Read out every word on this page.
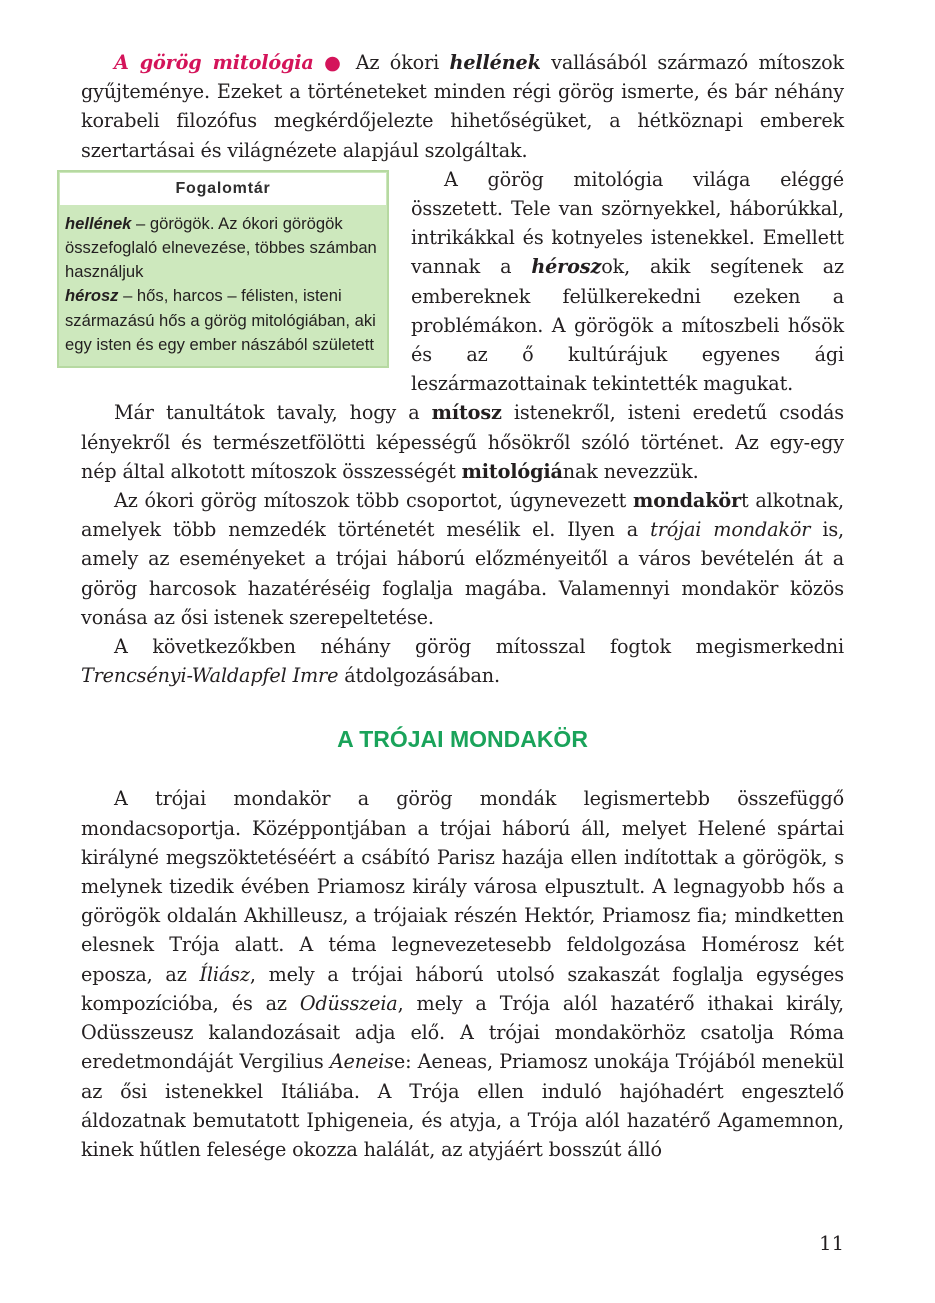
A görög mitológia ● Az ókori hellének vallásából származó mítoszok gyűjteménye. Ezeket a történeteket minden régi görög ismerte, és bár néhány korabeli filozófus megkérdőjelezte hihetőségüket, a hétköznapi emberek szertartásai és világnézete alapjául szolgáltak.

Fogalomtár
hellének – görögök. Az ókori görögök összefoglaló elnevezése, többes számban használjuk
hérosz – hős, harcos – félisten, isteni származású hős a görög mitológiában, aki egy isten és egy ember nászából született

A görög mitológia világa eléggé összetett. Tele van szörnyekkel, háborúkkal, intrikákkal és kotnyeles istenekkel. Emellett vannak a héroszok, akik segítenek az embereknek felülkerekedni ezeken a problémákon. A görögök a mítoszbeli hősök és az ő kultúrájuk egyenes ági leszármazottainak tekintették magukat.

Már tanultátok tavaly, hogy a mítosz istenekről, isteni eredetű csodás lényekről és természetfölötti képességű hősökről szóló történet. Az egy-egy nép által alkotott mítoszok összességét mitológiának nevezzük.

Az ókori görög mítoszok több csoportot, úgynevezett mondakört alkotnak, amelyek több nemzedék történetét mesélik el. Ilyen a trójai mondakör is, amely az eseményeket a trójai háború előzményeitől a város bevételén át a görög harcosok hazatéréséig foglalja magába. Valamennyi mondakör közös vonása az ősi istenek szerepeltetése.

A következőkben néhány görög mítosszal fogtok megismerkedni Trencsényi-Waldapfel Imre átdolgozásában.

A TRÓJAI MONDAKÖR

A trójai mondakör a görög mondák legismertebb összefüggő mondacsoportja. Középpontjában a trójai háború áll, melyet Helené spártai királyné megszöktetéséért a csábító Parisz hazája ellen indítottak a görögök, s melynek tizedik évében Priamosz király városa elpusztult. A legnagyobb hős a görögök oldalán Akhilleusz, a trójaiak részén Hektór, Priamosz fia; mindketten elesnek Trója alatt. A téma legnevezetesebb feldolgozása Homérosz két eposza, az Íliász, mely a trójai háború utolsó szakaszát foglalja egységes kompozícióba, és az Odüsszeia, mely a Trója alól hazatérő ithakai király, Odüsszeusz kalandozásait adja elő. A trójai mondakörhöz csatolja Róma eredetmondáját Vergilius Aeneise: Aeneas, Priamosz unokája Trójából menekül az ősi istenekkel Itáliába. A Trója ellen induló hajóhadért engesztelő áldozatnak bemutatott Iphigeneia, és atyja, a Trója alól hazatérő Agamemnon, kinek hűtlen felesége okozza halálát, az atyjáért bosszút álló

11
